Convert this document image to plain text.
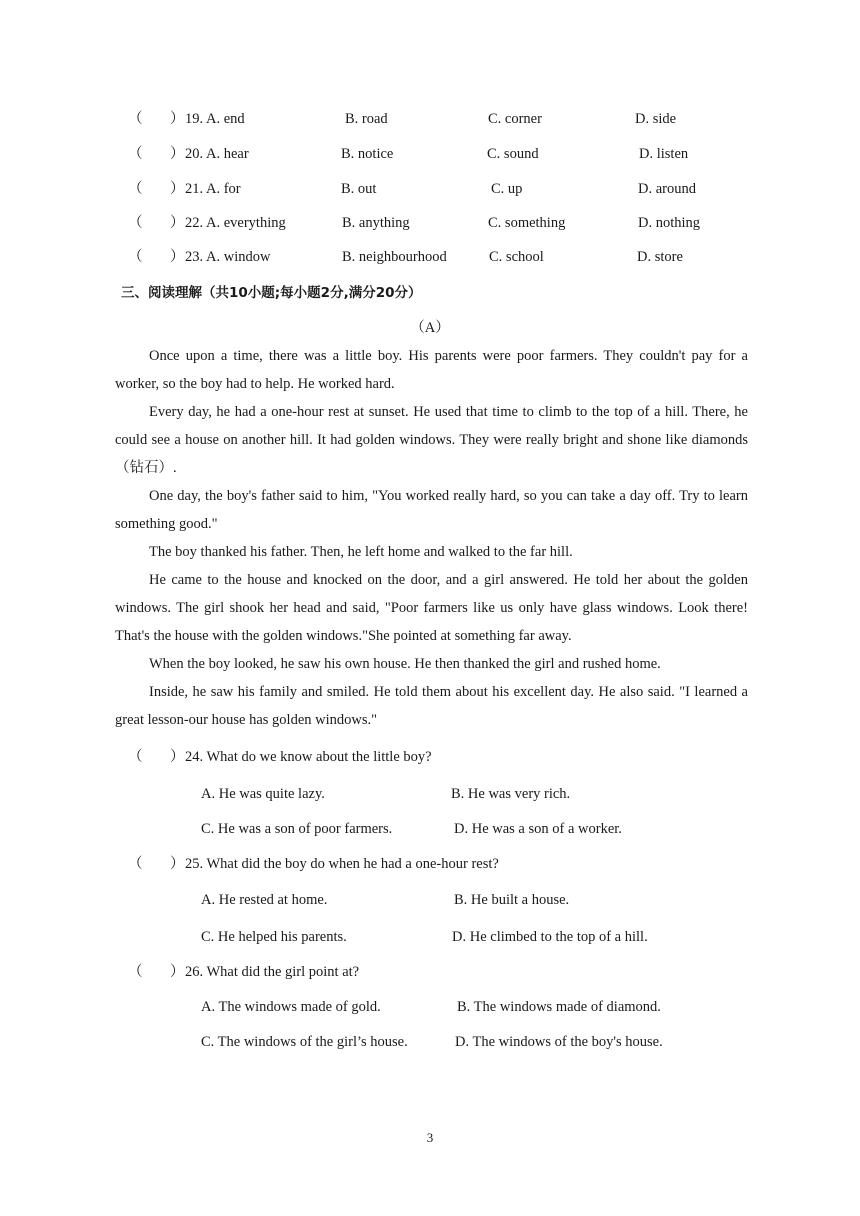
（ ） 19. A. end	B. road	C. corner	D. side
（ ） 20. A. hear	B. notice	C. sound	D. listen
（ ） 21. A. for	B. out	C. up	D. around
（ ） 22. A. everything	B. anything	C. something	D. nothing
（ ） 23. A. window	B. neighbourhood	C. school	D. store
三、阅读理解（共10小题;每小题2分,满分20分）
（A）

Once upon a time, there was a little boy. His parents were poor farmers. They couldn't pay for a worker, so the boy had to help. He worked hard.

Every day, he had a one-hour rest at sunset. He used that time to climb to the top of a hill. There, he could see a house on another hill. It had golden windows. They were really bright and shone like diamonds（钻石）.

One day, the boy's father said to him, "You worked really hard, so you can take a day off. Try to learn something good."

The boy thanked his father. Then, he left home and walked to the far hill.

He came to the house and knocked on the door, and a girl answered. He told her about the golden windows. The girl shook her head and said, "Poor farmers like us only have glass windows. Look there! That's the house with the golden windows."She pointed at something far away.

When the boy looked, he saw his own house. He then thanked the girl and rushed home.

Inside, he saw his family and smiled. He told them about his excellent day. He also said. "I learned a great lesson-our house has golden windows."

（ ） 24. What do we know about the little boy?
A. He was quite lazy.	B. He was very rich.
C. He was a son of poor farmers.	D. He was a son of a worker.
（ ） 25. What did the boy do when he had a one-hour rest?
A. He rested at home.	B. He built a house.
C. He helped his parents.	D. He climbed to the top of a hill.
（ ） 26. What did the girl point at?
A. The windows made of gold.	B. The windows made of diamond.
C. The windows of the girl’s house.	D. The windows of the boy's house.
3
